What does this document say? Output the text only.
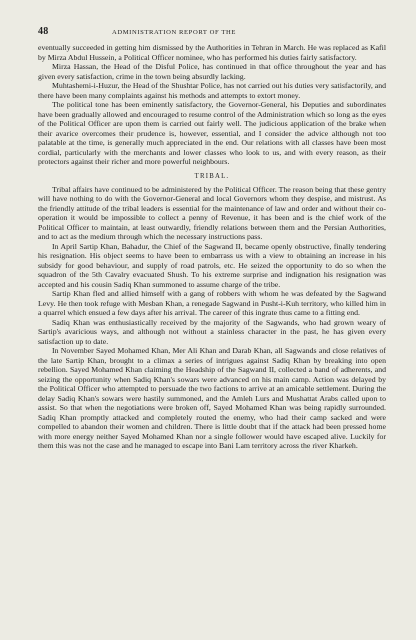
48	ADMINISTRATION REPORT OF THE

eventually succeeded in getting him dismissed by the Authorities in Tehran in March. He was replaced as Kafil by Mirza Abdul Hussein, a Political Officer nominee, who has performed his duties fairly satisfactory.

Mirza Hassan, the Head of the Disful Police, has continued in that office throughout the year and has given every satisfaction, crime in the town being absurdly lacking.

Muhtashemi-i-Huzur, the Head of the Shushtar Police, has not carried out his duties very satisfactorily, and there have been many complaints against his methods and attempts to extort money.

The political tone has been eminently satisfactory, the Governor-General, his Deputies and subordinates have been gradually allowed and encouraged to resume control of the Administration which so long as the eyes of the Political Officer are upon them is carried out fairly well. The judicious application of the brake when their avarice overcomes their prudence is, however, essential, and I consider the advice although not too palatable at the time, is generally much appreciated in the end. Our relations with all classes have been most cordial, particularly with the merchants and lower classes who look to us, and with every reason, as their protectors against their richer and more powerful neighbours.

TRIBAL.

Tribal affairs have continued to be administered by the Political Officer. The reason being that these gentry will have nothing to do with the Governor-General and local Governors whom they despise, and mistrust. As the friendly attitude of the tribal leaders is essential for the maintenance of law and order and without their co-operation it would be impossible to collect a penny of Revenue, it has been and is the chief work of the Political Officer to maintain, at least outwardly, friendly relations between them and the Persian Authorities, and to act as the medium through which the necessary instructions pass.

In April Sartip Khan, Bahadur, the Chief of the Sagwand II, became openly obstructive, finally tendering his resignation. His object seems to have been to embarrass us with a view to obtaining an increase in his subsidy for good behaviour, and supply of road patrols, etc. He seized the opportunity to do so when the squadron of the 5th Cavalry evacuated Shush. To his extreme surprise and indignation his resignation was accepted and his cousin Sadiq Khan summoned to assume charge of the tribe.

Sartip Khan fled and allied himself with a gang of robbers with whom he was defeated by the Sagwand Levy. He then took refuge with Mesban Khan, a renegade Sagwand in Pusht-i-Kuh territory, who killed him in a quarrel which ensued a few days after his arrival. The career of this ingrate thus came to a fitting end.

Sadiq Khan was enthusiastically received by the majority of the Sagwands, who had grown weary of Sartip's avaricious ways, and although not without a stainless character in the past, he has given every satisfaction up to date.

In November Sayed Mohamed Khan, Mer Ali Khan and Darab Khan, all Sagwands and close relatives of the late Sartip Khan, brought to a climax a series of intrigues against Sadiq Khan by breaking into open rebellion. Sayed Mohamed Khan claiming the Headship of the Sagwand II, collected a band of adherents, and seizing the opportunity when Sadiq Khan's sowars were advanced on his main camp. Action was delayed by the Political Officer who attempted to persuade the two factions to arrive at an amicable settlement. During the delay Sadiq Khan's sowars were hastily summoned, and the Amleh Lurs and Mushattat Arabs called upon to assist. So that when the negotiations were broken off, Sayed Mohamed Khan was being rapidly surrounded. Sadiq Khan promptly attacked and completely routed the enemy, who had their camp sacked and were compelled to abandon their women and children. There is little doubt that if the attack had been pressed home with more energy neither Sayed Mohamed Khan nor a single follower would have escaped alive. Luckily for them this was not the case and he managed to escape into Bani Lam territory across the river Kharkeh.
